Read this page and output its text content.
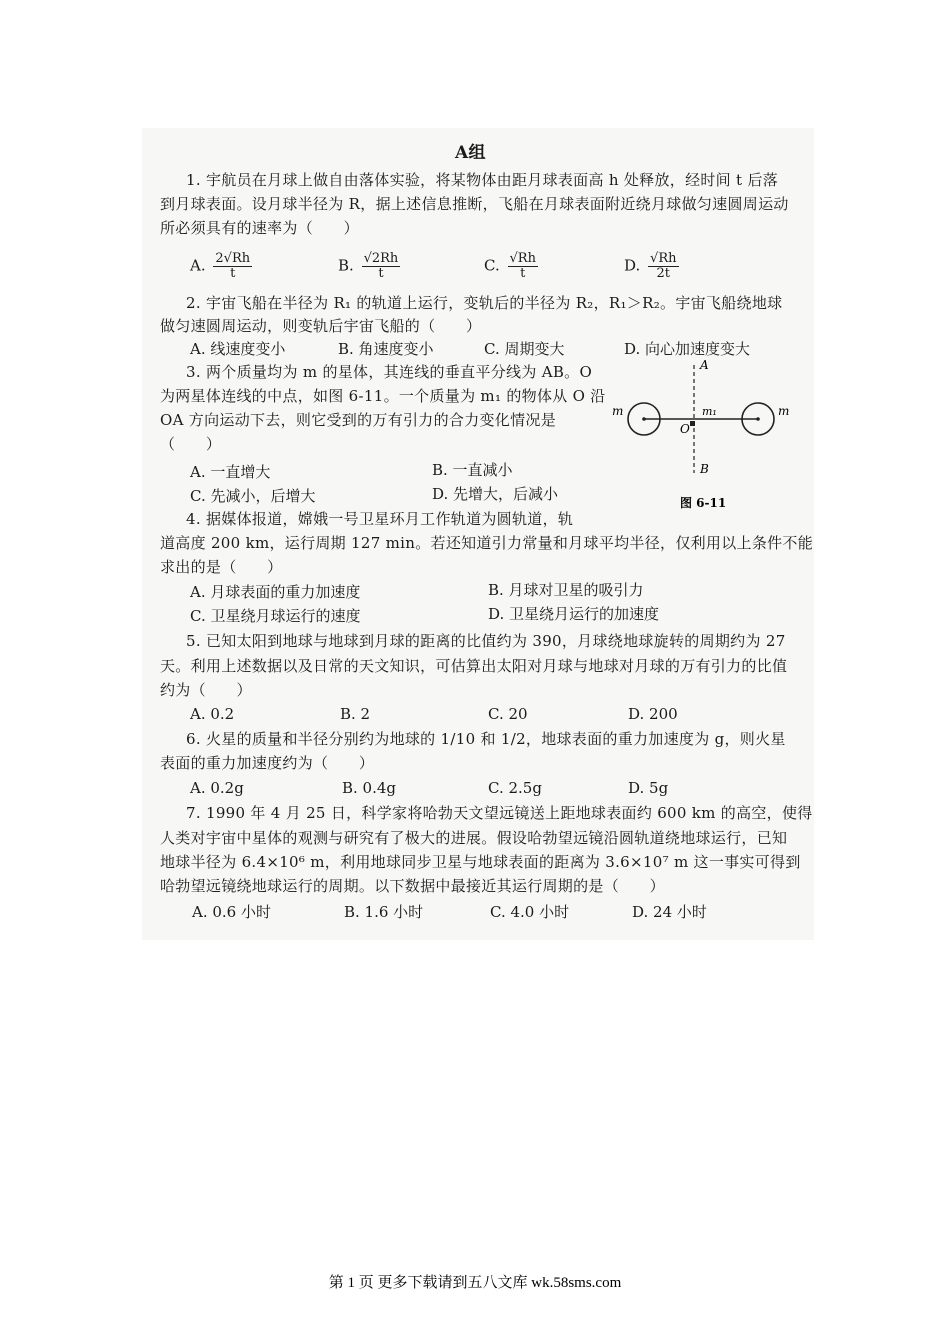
A组
1. 宇航员在月球上做自由落体实验，将某物体由距月球表面高 h 处释放，经时间 t 后落
到月球表面。设月球半径为 R，据上述信息推断，飞船在月球表面附近绕月球做匀速圆周运动
所必须具有的速率为（　　）
A. $\frac{2√Rh}{t}$	B. $\frac{√2Rh}{t}$	C. $\frac{√Rh}{t}$	D. $\frac{√Rh}{2t}$
2. 宇宙飞船在半径为 R₁ 的轨道上运行，变轨后的半径为 R₂，R₁＞R₂。宇宙飞船绕地球
做匀速圆周运动，则变轨后宇宙飞船的（　　）
A. 线速度变小	B. 角速度变小	C. 周期变大	D. 向心加速度变大
3. 两个质量均为 m 的星体，其连线的垂直平分线为 AB。O
为两星体连线的中点，如图 6-11。一个质量为 m₁ 的物体从 O 沿
OA 方向运动下去，则它受到的万有引力的合力变化情况是
（　　）
A. 一直增大	B. 一直减小
C. 先减小，后增大	D. 先增大，后减小
A
B
O
m	m
m₁
图 6-11
4. 据媒体报道，嫦娥一号卫星环月工作轨道为圆轨道，轨
道高度 200 km，运行周期 127 min。若还知道引力常量和月球平均半径，仅利用以上条件不能
求出的是（　　）
A. 月球表面的重力加速度	B. 月球对卫星的吸引力
C. 卫星绕月球运行的速度	D. 卫星绕月运行的加速度
5. 已知太阳到地球与地球到月球的距离的比值约为 390，月球绕地球旋转的周期约为 27
天。利用上述数据以及日常的天文知识，可估算出太阳对月球与地球对月球的万有引力的比值
约为（　　）
A. 0.2	B. 2	C. 20	D. 200
6. 火星的质量和半径分别约为地球的 1/10 和 1/2，地球表面的重力加速度为 g，则火星
表面的重力加速度约为（　　）
A. 0.2g	B. 0.4g	C. 2.5g	D. 5g
7. 1990 年 4 月 25 日，科学家将哈勃天文望远镜送上距地球表面约 600 km 的高空，使得
人类对宇宙中星体的观测与研究有了极大的进展。假设哈勃望远镜沿圆轨道绕地球运行，已知
地球半径为 6.4×10⁶ m，利用地球同步卫星与地球表面的距离为 3.6×10⁷ m 这一事实可得到
哈勃望远镜绕地球运行的周期。以下数据中最接近其运行周期的是（　　）
A. 0.6 小时	B. 1.6 小时	C. 4.0 小时	D. 24 小时
第 1 页 更多下载请到五八文库 wk.58sms.com
